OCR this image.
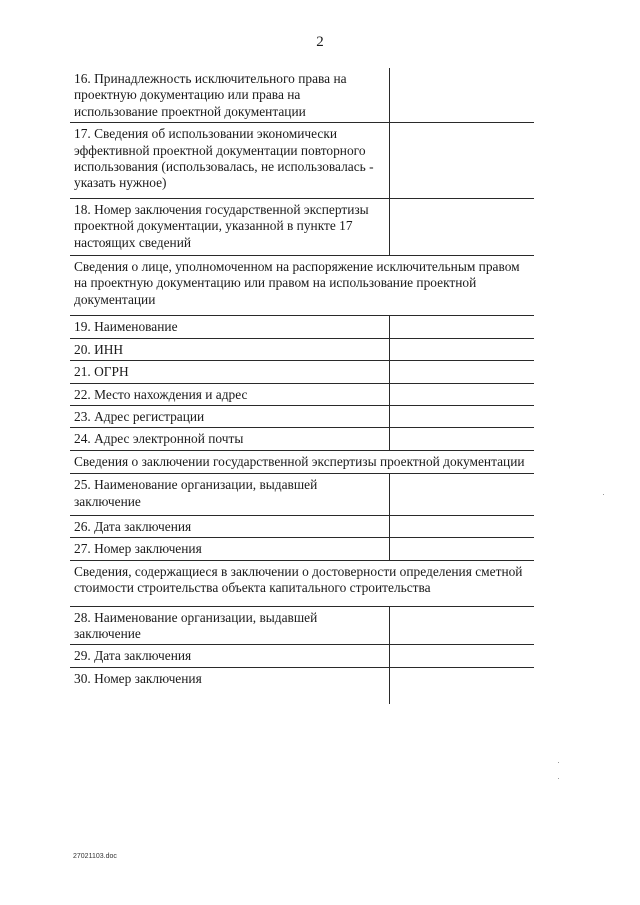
2
16. Принадлежность исключительного права на проектную документацию или права на использование проектной документации
17. Сведения об использовании экономически эффективной проектной документации повторного использования (использовалась, не использовалась - указать нужное)
18. Номер заключения государственной экспертизы проектной документации, указанной в пункте 17 настоящих сведений
Сведения о лице, уполномоченном на распоряжение исключительным правом на проектную документацию или правом на использование проектной документации
19. Наименование
20. ИНН
21. ОГРН
22. Место нахождения и адрес
23. Адрес регистрации
24. Адрес электронной почты
Сведения о заключении государственной экспертизы проектной документации
25. Наименование организации, выдавшей заключение
26. Дата заключения
27. Номер заключения
Сведения, содержащиеся в заключении о достоверности определения сметной стоимости строительства объекта капитального строительства
28. Наименование организации, выдавшей заключение
29. Дата заключения
30. Номер заключения
27021103.doc
